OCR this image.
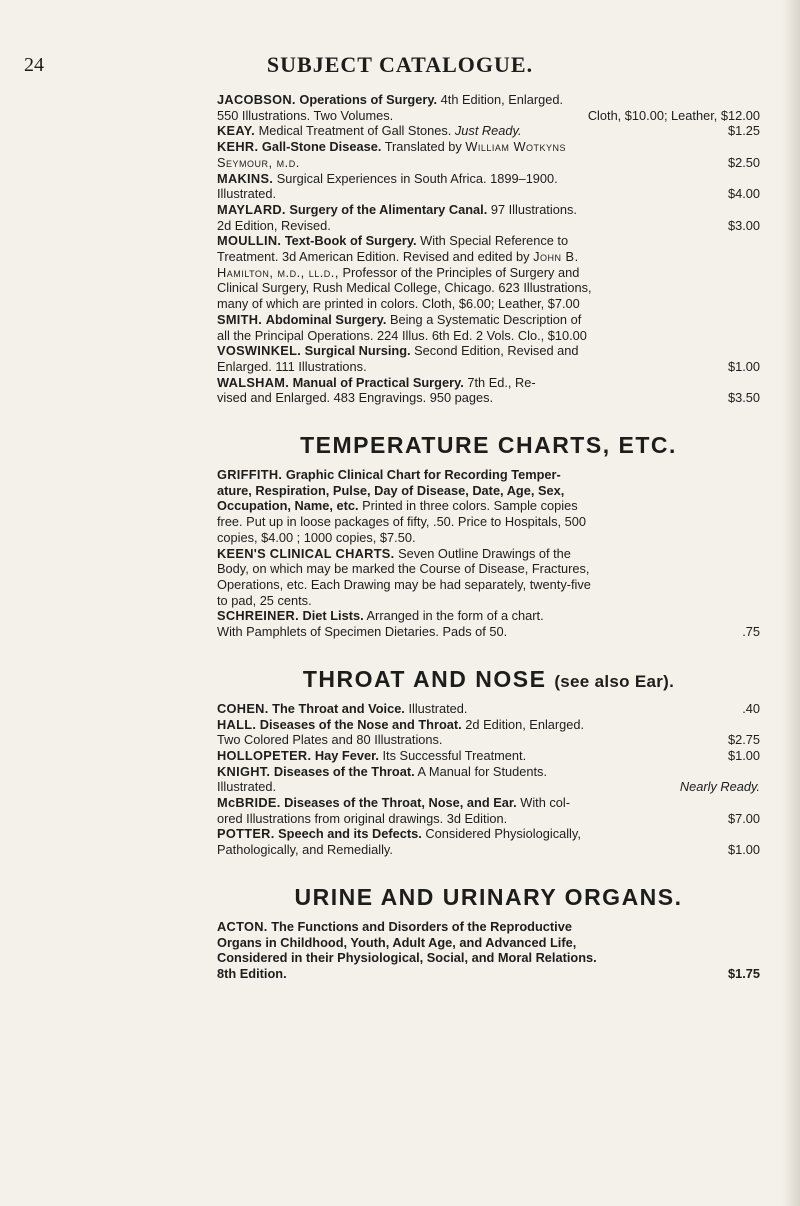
24	SUBJECT CATALOGUE.
JACOBSON. Operations of Surgery. 4th Edition, Enlarged.
550 Illustrations. Two Volumes.	Cloth, $10.00; Leather, $12.00
KEAY. Medical Treatment of Gall Stones. Just Ready.	$1.25
KEHR. Gall-Stone Disease. Translated by William Wotkyns
Seymour, m.d.	$2.50
MAKINS. Surgical Experiences in South Africa. 1899–1900.
Illustrated.	$4.00
MAYLARD. Surgery of the Alimentary Canal. 97 Illustrations.
2d Edition, Revised.	$3.00
MOULLIN. Text-Book of Surgery. With Special Reference to
Treatment. 3d American Edition. Revised and edited by John B.
Hamilton, m.d., ll.d., Professor of the Principles of Surgery and
Clinical Surgery, Rush Medical College, Chicago. 623 Illustrations,
many of which are printed in colors. Cloth, $6.00; Leather, $7.00
SMITH. Abdominal Surgery. Being a Systematic Description of
all the Principal Operations. 224 Illus. 6th Ed. 2 Vols. Clo., $10.00
VOSWINKEL. Surgical Nursing. Second Edition, Revised and
Enlarged. 111 Illustrations.	$1.00
WALSHAM. Manual of Practical Surgery. 7th Ed., Re-
vised and Enlarged. 483 Engravings. 950 pages.	$3.50
TEMPERATURE CHARTS, ETC.
GRIFFITH. Graphic Clinical Chart for Recording Temper-
ature, Respiration, Pulse, Day of Disease, Date, Age, Sex,
Occupation, Name, etc. Printed in three colors. Sample copies
free. Put up in loose packages of fifty, .50. Price to Hospitals, 500
copies, $4.00 ; 1000 copies, $7.50.
KEEN'S CLINICAL CHARTS. Seven Outline Drawings of the
Body, on which may be marked the Course of Disease, Fractures,
Operations, etc. Each Drawing may be had separately, twenty-five
to pad, 25 cents.
SCHREINER. Diet Lists. Arranged in the form of a chart.
With Pamphlets of Specimen Dietaries. Pads of 50.	.75
THROAT AND NOSE (see also Ear).
COHEN. The Throat and Voice. Illustrated.	.40
HALL. Diseases of the Nose and Throat. 2d Edition, Enlarged.
Two Colored Plates and 80 Illustrations.	$2.75
HOLLOPETER. Hay Fever. Its Successful Treatment.	$1.00
KNIGHT. Diseases of the Throat. A Manual for Students.
Illustrated.	Nearly Ready.
McBRIDE. Diseases of the Throat, Nose, and Ear. With col-
ored Illustrations from original drawings. 3d Edition.	$7.00
POTTER. Speech and its Defects. Considered Physiologically,
Pathologically, and Remedially.	$1.00
URINE AND URINARY ORGANS.
ACTON. The Functions and Disorders of the Reproductive
Organs in Childhood, Youth, Adult Age, and Advanced Life,
Considered in their Physiological, Social, and Moral Relations.
8th Edition.	$1.75
